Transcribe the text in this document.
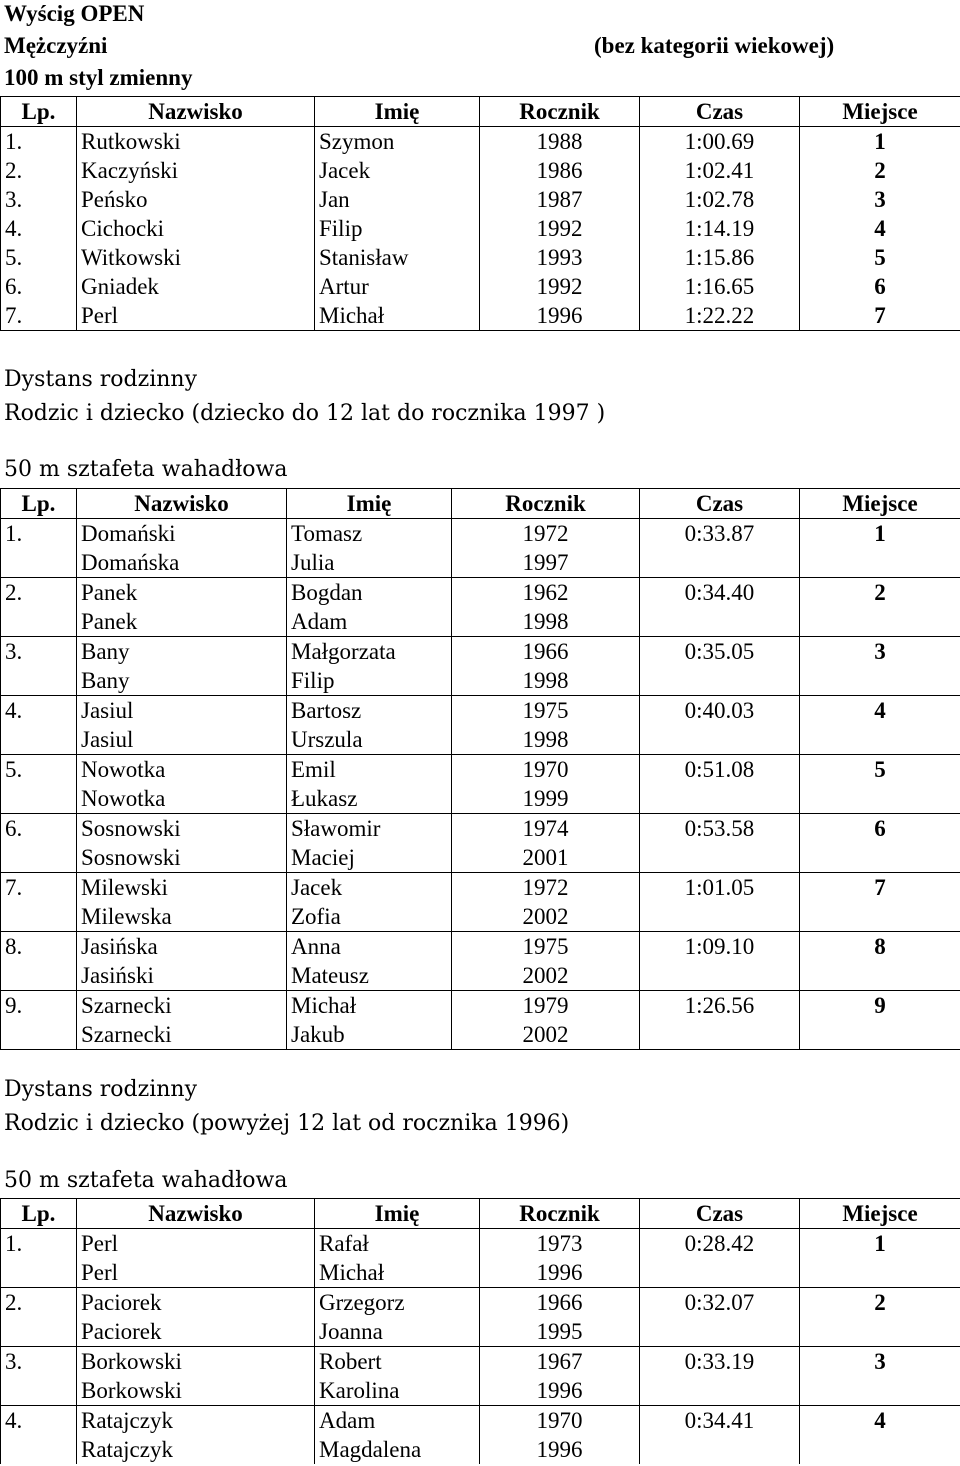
Wyścig OPEN
Mężczyźni	(bez kategorii wiekowej)
100 m styl zmienny
Lp.	Nazwisko	Imię	Rocznik	Czas	Miejsce
1.	Rutkowski	Szymon	1988	1:00.69	1
2.	Kaczyński	Jacek	1986	1:02.41	2
3.	Peńsko	Jan	1987	1:02.78	3
4.	Cichocki	Filip	1992	1:14.19	4
5.	Witkowski	Stanisław	1993	1:15.86	5
6.	Gniadek	Artur	1992	1:16.65	6
7.	Perl	Michał	1996	1:22.22	7
Dystans rodzinny
Rodzic i dziecko (dziecko do 12 lat do rocznika 1997 )
50 m sztafeta wahadłowa
Lp.	Nazwisko	Imię	Rocznik	Czas	Miejsce
1.	Domański	Tomasz	1972	0:33.87	1
	Domańska	Julia	1997		
2.	Panek	Bogdan	1962	0:34.40	2
	Panek	Adam	1998		
3.	Bany	Małgorzata	1966	0:35.05	3
	Bany	Filip	1998		
4.	Jasiul	Bartosz	1975	0:40.03	4
	Jasiul	Urszula	1998		
5.	Nowotka	Emil	1970	0:51.08	5
	Nowotka	Łukasz	1999		
6.	Sosnowski	Sławomir	1974	0:53.58	6
	Sosnowski	Maciej	2001		
7.	Milewski	Jacek	1972	1:01.05	7
	Milewska	Zofia	2002		
8.	Jasińska	Anna	1975	1:09.10	8
	Jasiński	Mateusz	2002		
9.	Szarnecki	Michał	1979	1:26.56	9
	Szarnecki	Jakub	2002		
Dystans rodzinny
Rodzic i dziecko (powyżej 12 lat od rocznika 1996)
50 m sztafeta wahadłowa
Lp.	Nazwisko	Imię	Rocznik	Czas	Miejsce
1.	Perl	Rafał	1973	0:28.42	1
	Perl	Michał	1996		
2.	Paciorek	Grzegorz	1966	0:32.07	2
	Paciorek	Joanna	1995		
3.	Borkowski	Robert	1967	0:33.19	3
	Borkowski	Karolina	1996		
4.	Ratajczyk	Adam	1970	0:34.41	4
	Ratajczyk	Magdalena	1996		
